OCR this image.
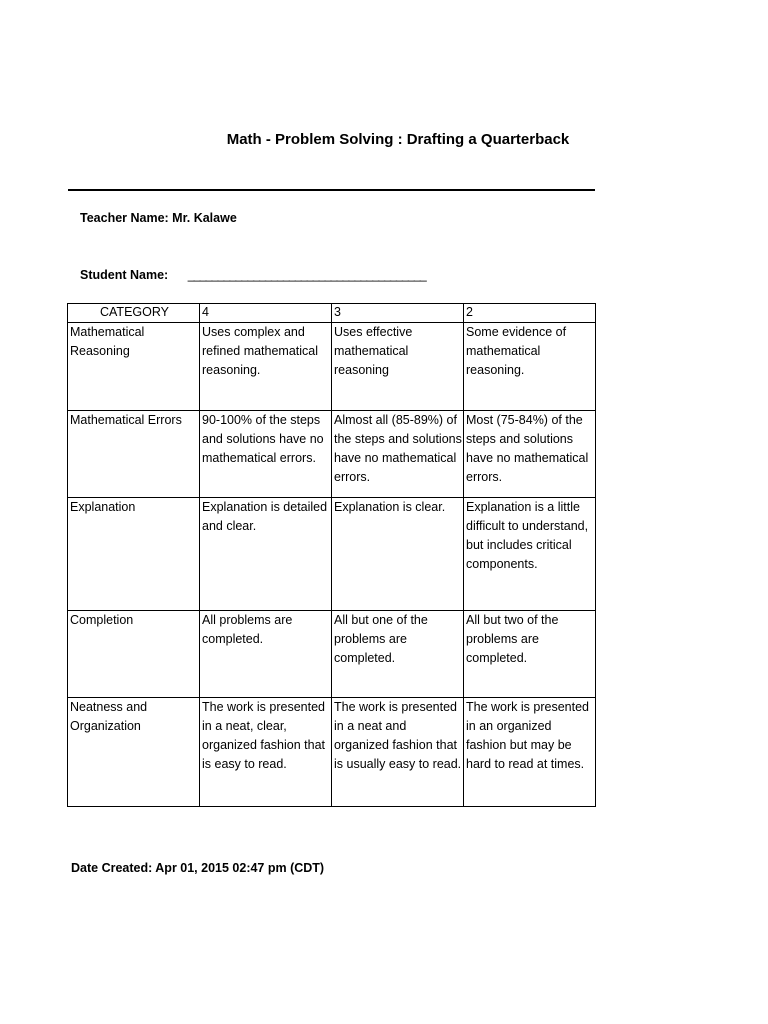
Math - Problem Solving : Drafting a Quarterback
Teacher Name: Mr. Kalawe
Student Name: ________________________________________
CATEGORY	4	3	2
Mathematical Reasoning	Uses complex and refined mathematical reasoning.	Uses effective mathematical reasoning	Some evidence of mathematical reasoning.
Mathematical Errors	90-100% of the steps and solutions have no mathematical errors.	Almost all (85-89%) of the steps and solutions have no mathematical errors.	Most (75-84%) of the steps and solutions have no mathematical errors.
Explanation	Explanation is detailed and clear.	Explanation is clear.	Explanation is a little difficult to understand, but includes critical components.
Completion	All problems are completed.	All but one of the problems are completed.	All but two of the problems are completed.
Neatness and Organization	The work is presented in a neat, clear, organized fashion that is easy to read.	The work is presented in a neat and organized fashion that is usually easy to read.	The work is presented in an organized fashion but may be hard to read at times.
Date Created: Apr 01, 2015 02:47 pm (CDT)
